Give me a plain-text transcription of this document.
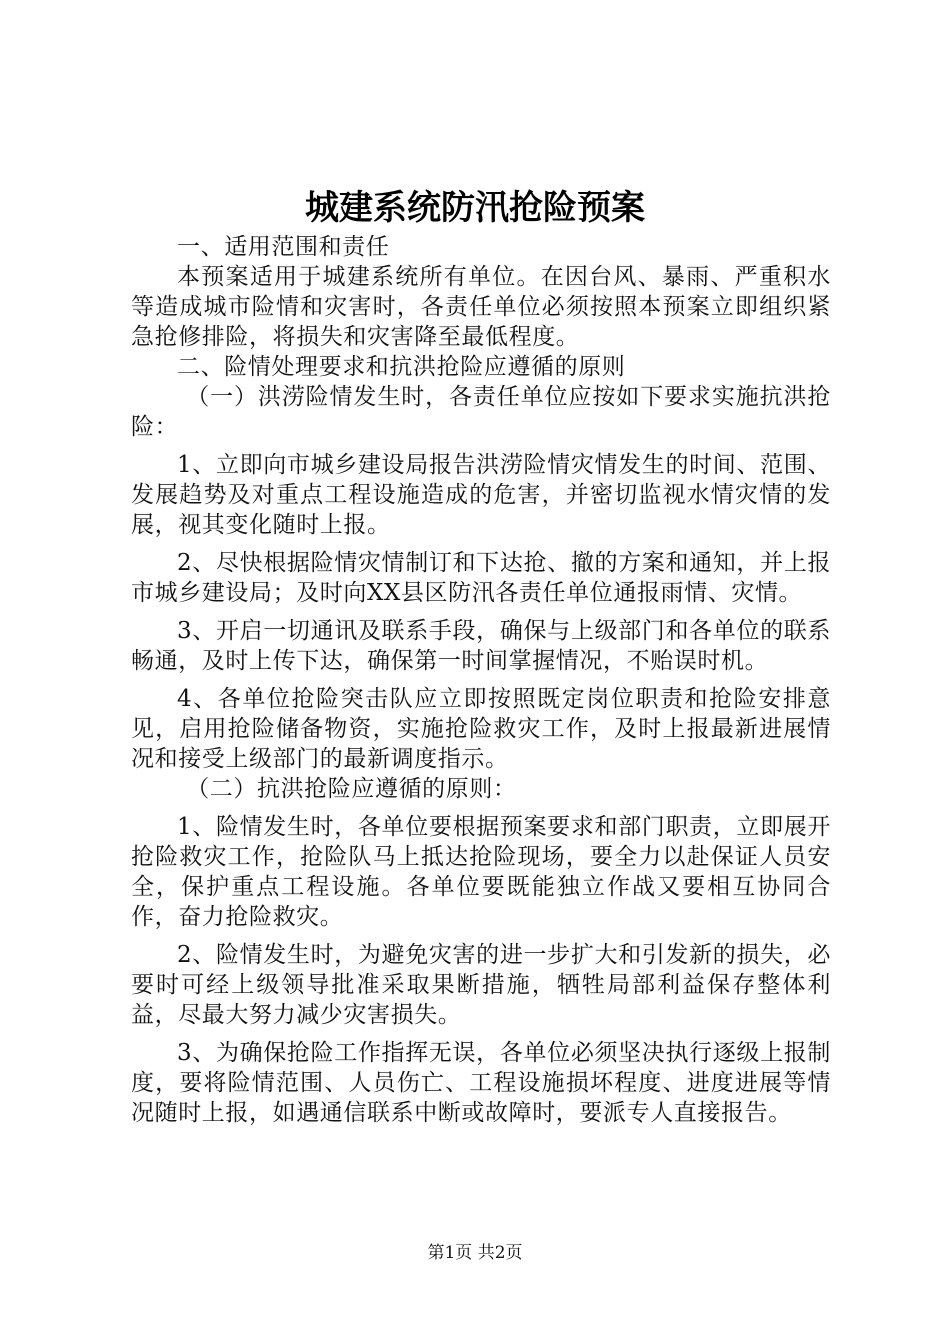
城建系统防汛抢险预案

一、适用范围和责任

本预案适用于城建系统所有单位。在因台风、暴雨、严重积水等造成城市险情和灾害时，各责任单位必须按照本预案立即组织紧急抢修排险，将损失和灾害降至最低程度。

二、险情处理要求和抗洪抢险应遵循的原则

（一）洪涝险情发生时，各责任单位应按如下要求实施抗洪抢险：

1、立即向市城乡建设局报告洪涝险情灾情发生的时间、范围、发展趋势及对重点工程设施造成的危害，并密切监视水情灾情的发展，视其变化随时上报。

2、尽快根据险情灾情制订和下达抢、撤的方案和通知，并上报市城乡建设局；及时向XX县区防汛各责任单位通报雨情、灾情。

3、开启一切通讯及联系手段，确保与上级部门和各单位的联系畅通，及时上传下达，确保第一时间掌握情况，不贻误时机。

4、各单位抢险突击队应立即按照既定岗位职责和抢险安排意见，启用抢险储备物资，实施抢险救灾工作，及时上报最新进展情况和接受上级部门的最新调度指示。

（二）抗洪抢险应遵循的原则：

1、险情发生时，各单位要根据预案要求和部门职责，立即展开抢险救灾工作，抢险队马上抵达抢险现场，要全力以赴保证人员安全，保护重点工程设施。各单位要既能独立作战又要相互协同合作，奋力抢险救灾。

2、险情发生时，为避免灾害的进一步扩大和引发新的损失，必要时可经上级领导批准采取果断措施，牺牲局部利益保存整体利益，尽最大努力减少灾害损失。

3、为确保抢险工作指挥无误，各单位必须坚决执行逐级上报制度，要将险情范围、人员伤亡、工程设施损坏程度、进度进展等情况随时上报，如遇通信联系中断或故障时，要派专人直接报告。

第1页 共2页
